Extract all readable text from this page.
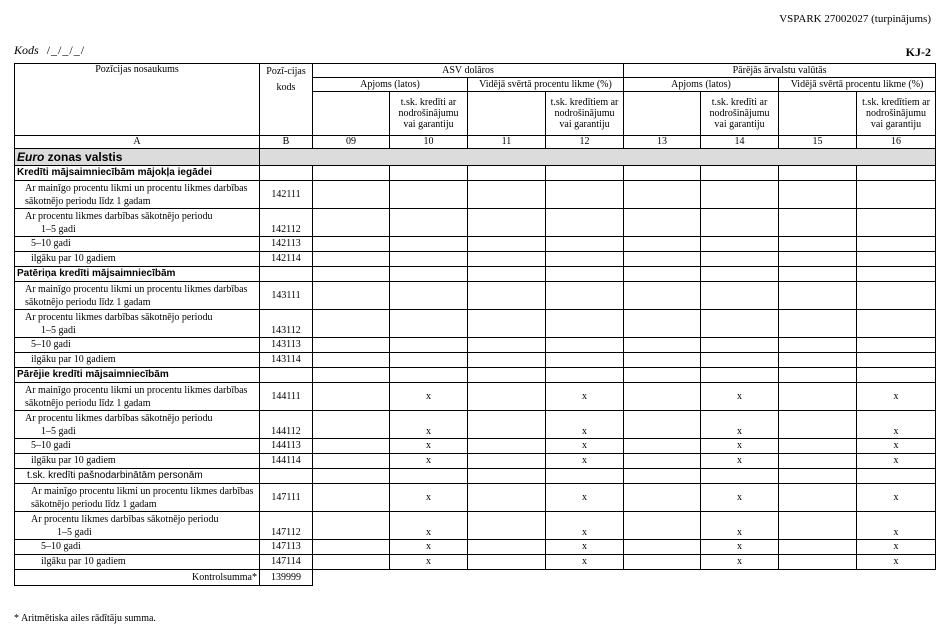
VSPARK 27002027 (turpinājums)
Kods /_/_/_/	KJ-2
Pozīcijas nosaukums	Pozī-cijas kods	ASV dolāros				Pārējās ārvalstu valūtās			
		Apjoms (latos)		Vidējā svērtā procentu likme (%)		Apjoms (latos)		Vidējā svērtā procentu likme (%)	
			t.sk. kredīti ar nodrošinājumu vai garantiju		t.sk. kredītiem ar nodrošinājumu vai garantiju		t.sk. kredīti ar nodrošinājumu vai garantiju		t.sk. kredītiem ar nodrošinājumu vai garantiju
A	B	09	10	11	12	13	14	15	16
Euro zonas valstis									
Kredīti mājsaimniecībām mājokļa iegādei									
Ar mainīgo procentu likmi un procentu likmes darbības sākotnējo periodu līdz 1 gadam	142111								

Ar procentu likmes darbības sākotnējo periodu
1–5 gadi	142112								
5–10 gadi	142113								
ilgāku par 10 gadiem	142114								
Patēriņa kredīti mājsaimniecībām									
Ar mainīgo procentu likmi un procentu likmes darbības sākotnējo periodu līdz 1 gadam	143111								

Ar procentu likmes darbības sākotnējo periodu
1–5 gadi	143112								
5–10 gadi	143113								
ilgāku par 10 gadiem	143114								
Pārējie kredīti mājsaimniecībām									
Ar mainīgo procentu likmi un procentu likmes darbības sākotnējo periodu līdz 1 gadam	144111		x		x		x		x

Ar procentu likmes darbības sākotnējo periodu
1–5 gadi	144112		x		x		x		x
5–10 gadi	144113		x		x		x		x
ilgāku par 10 gadiem	144114		x		x		x		x
t.sk. kredīti pašnodarbinātām personām									
Ar mainīgo procentu likmi un procentu likmes darbības sākotnējo periodu līdz 1 gadam	147111		x		x		x		x

Ar procentu likmes darbības sākotnējo periodu
1–5 gadi	147112		x		x		x		x
5–10 gadi	147113		x		x		x		x
ilgāku par 10 gadiem	147114		x		x		x		x
Kontrolsumma*	139999								
* Aritmētiska ailes rādītāju summa.
